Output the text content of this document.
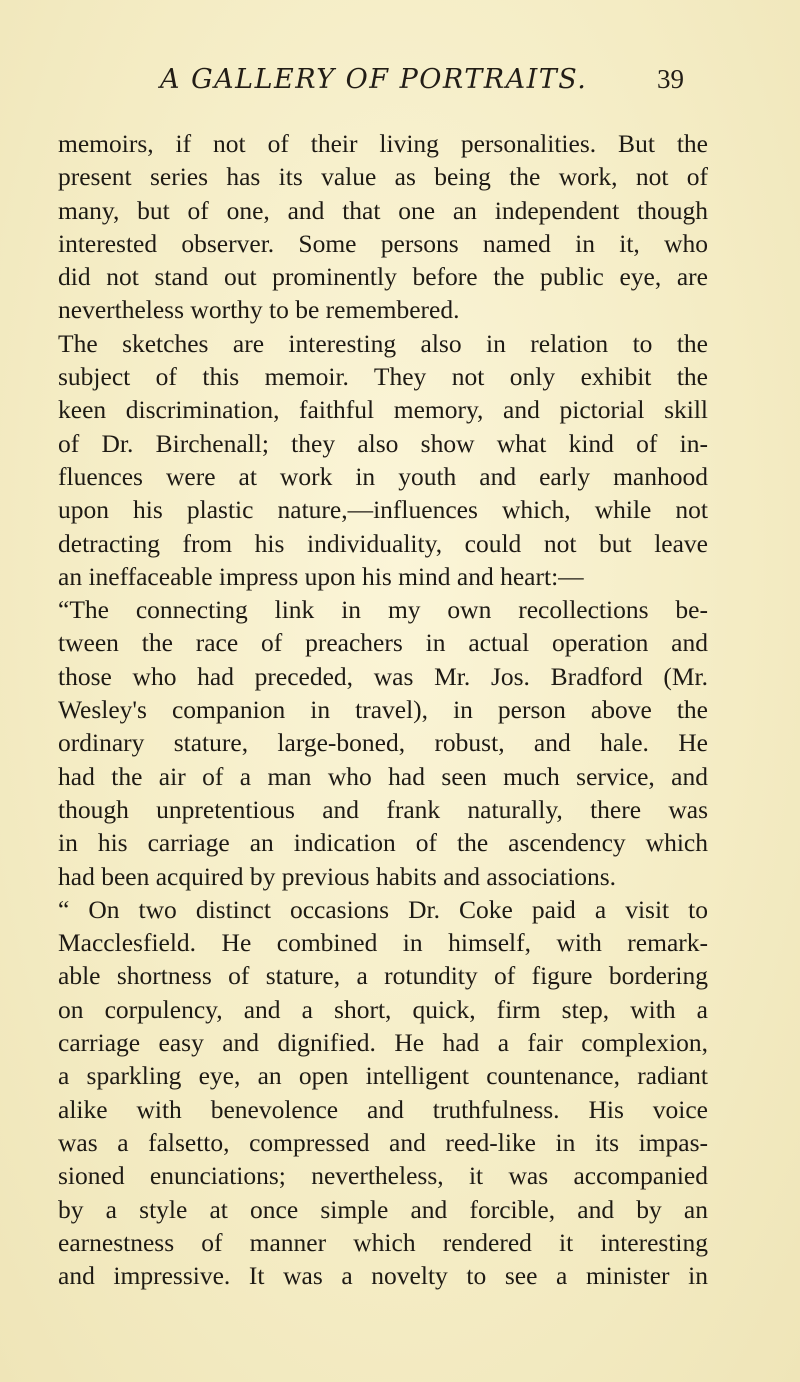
A GALLERY OF PORTRAITS.	39
memoirs, if not of their living personalities. But the
present series has its value as being the work, not of
many, but of one, and that one an independent though
interested observer. Some persons named in it, who
did not stand out prominently before the public eye, are
nevertheless worthy to be remembered.
The sketches are interesting also in relation to the
subject of this memoir. They not only exhibit the
keen discrimination, faithful memory, and pictorial skill
of Dr. Birchenall; they also show what kind of in-
fluences were at work in youth and early manhood
upon his plastic nature,—influences which, while not
detracting from his individuality, could not but leave
an ineffaceable impress upon his mind and heart:—
“The connecting link in my own recollections be-
tween the race of preachers in actual operation and
those who had preceded, was Mr. Jos. Bradford (Mr.
Wesley's companion in travel), in person above the
ordinary stature, large-boned, robust, and hale. He
had the air of a man who had seen much service, and
though unpretentious and frank naturally, there was
in his carriage an indication of the ascendency which
had been acquired by previous habits and associations.
“ On two distinct occasions Dr. Coke paid a visit to
Macclesfield. He combined in himself, with remark-
able shortness of stature, a rotundity of figure bordering
on corpulency, and a short, quick, firm step, with a
carriage easy and dignified. He had a fair complexion,
a sparkling eye, an open intelligent countenance, radiant
alike with benevolence and truthfulness. His voice
was a falsetto, compressed and reed-like in its impas-
sioned enunciations; nevertheless, it was accompanied
by a style at once simple and forcible, and by an
earnestness of manner which rendered it interesting
and impressive. It was a novelty to see a minister in
